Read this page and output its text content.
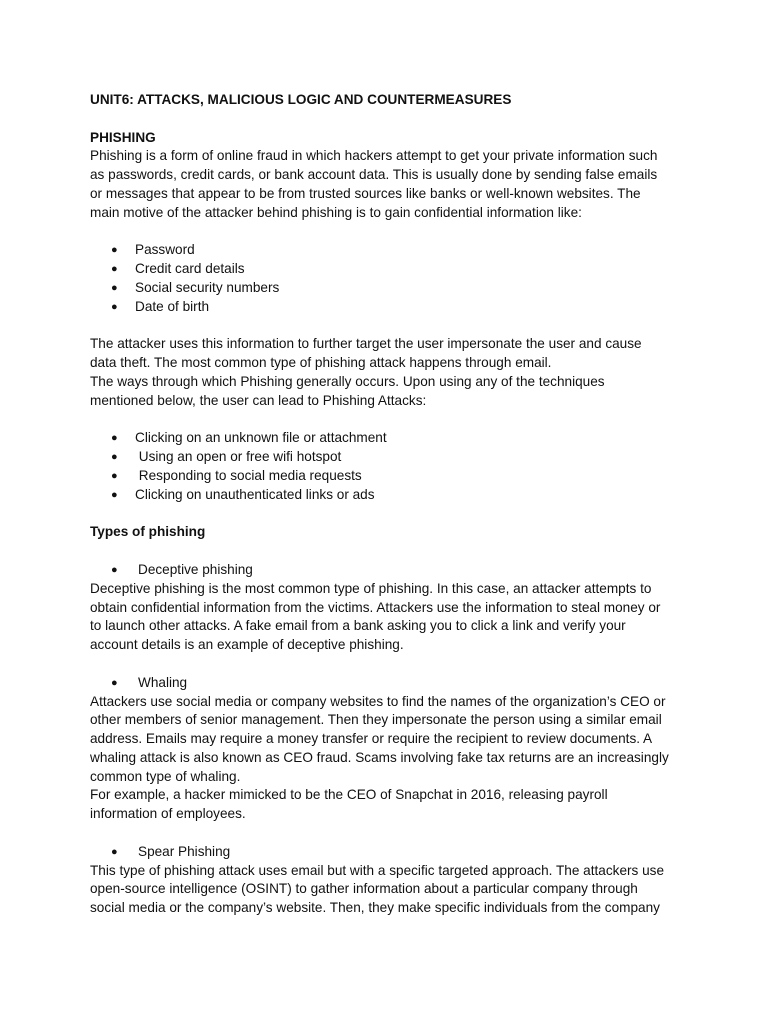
UNIT6: ATTACKS, MALICIOUS LOGIC AND COUNTERMEASURES

PHISHING

Phishing is a form of online fraud in which hackers attempt to get your private information such
as passwords, credit cards, or bank account data. This is usually done by sending false emails
or messages that appear to be from trusted sources like banks or well-known websites. The
main motive of the attacker behind phishing is to gain confidential information like:

● Password
● Credit card details
● Social security numbers
● Date of birth

The attacker uses this information to further target the user impersonate the user and cause
data theft. The most common type of phishing attack happens through email.
The ways through which Phishing generally occurs. Upon using any of the techniques
mentioned below, the user can lead to Phishing Attacks:

● Clicking on an unknown file or attachment
●  Using an open or free wifi hotspot
●  Responding to social media requests
● Clicking on unauthenticated links or ads

Types of phishing

● Deceptive phishing

Deceptive phishing is the most common type of phishing. In this case, an attacker attempts to
obtain confidential information from the victims. Attackers use the information to steal money or
to launch other attacks. A fake email from a bank asking you to click a link and verify your
account details is an example of deceptive phishing.

● Whaling

Attackers use social media or company websites to find the names of the organization’s CEO or
other members of senior management. Then they impersonate the person using a similar email
address. Emails may require a money transfer or require the recipient to review documents. A
whaling attack is also known as CEO fraud. Scams involving fake tax returns are an increasingly
common type of whaling.
For example, a hacker mimicked to be the CEO of Snapchat in 2016, releasing payroll
information of employees.

● Spear Phishing

This type of phishing attack uses email but with a specific targeted approach. The attackers use
open-source intelligence (OSINT) to gather information about a particular company through
social media or the company’s website. Then, they make specific individuals from the company
